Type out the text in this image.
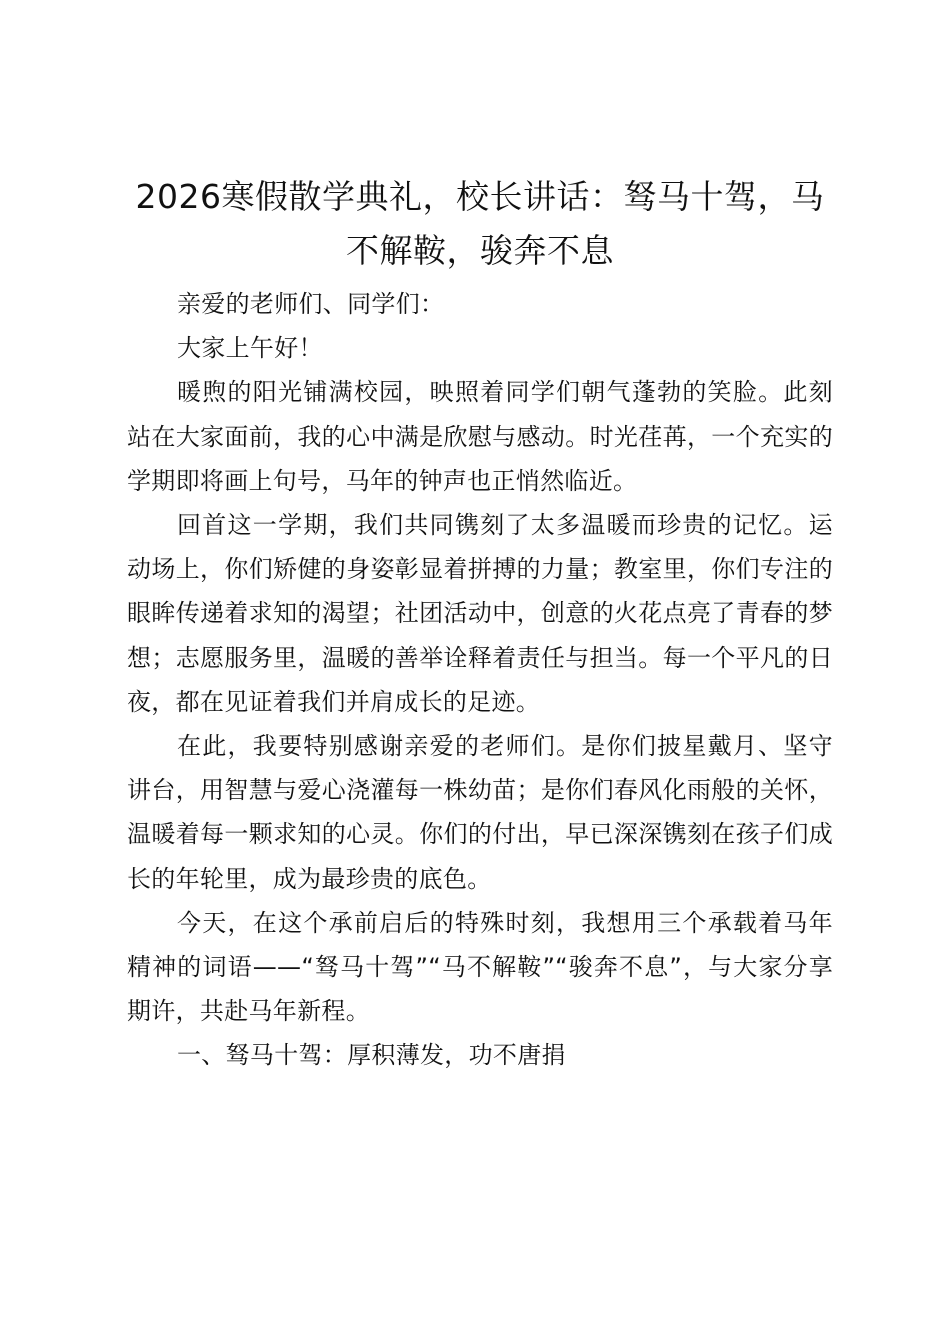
2026寒假散学典礼，校长讲话：驽马十驾，马不解鞍，骏奔不息

亲爱的老师们、同学们：

大家上午好！

暖煦的阳光铺满校园，映照着同学们朝气蓬勃的笑脸。此刻站在大家面前，我的心中满是欣慰与感动。时光荏苒，一个充实的学期即将画上句号，马年的钟声也正悄然临近。

回首这一学期，我们共同镌刻了太多温暖而珍贵的记忆。运动场上，你们矫健的身姿彰显着拼搏的力量；教室里，你们专注的眼眸传递着求知的渴望；社团活动中，创意的火花点亮了青春的梦想；志愿服务里，温暖的善举诠释着责任与担当。每一个平凡的日夜，都在见证着我们并肩成长的足迹。

在此，我要特别感谢亲爱的老师们。是你们披星戴月、坚守讲台，用智慧与爱心浇灌每一株幼苗；是你们春风化雨般的关怀，温暖着每一颗求知的心灵。你们的付出，早已深深镌刻在孩子们成长的年轮里，成为最珍贵的底色。

今天，在这个承前启后的特殊时刻，我想用三个承载着马年精神的词语——“驽马十驾”“马不解鞍”“骏奔不息”，与大家分享期许，共赴马年新程。

一、驽马十驾：厚积薄发，功不唐捐
